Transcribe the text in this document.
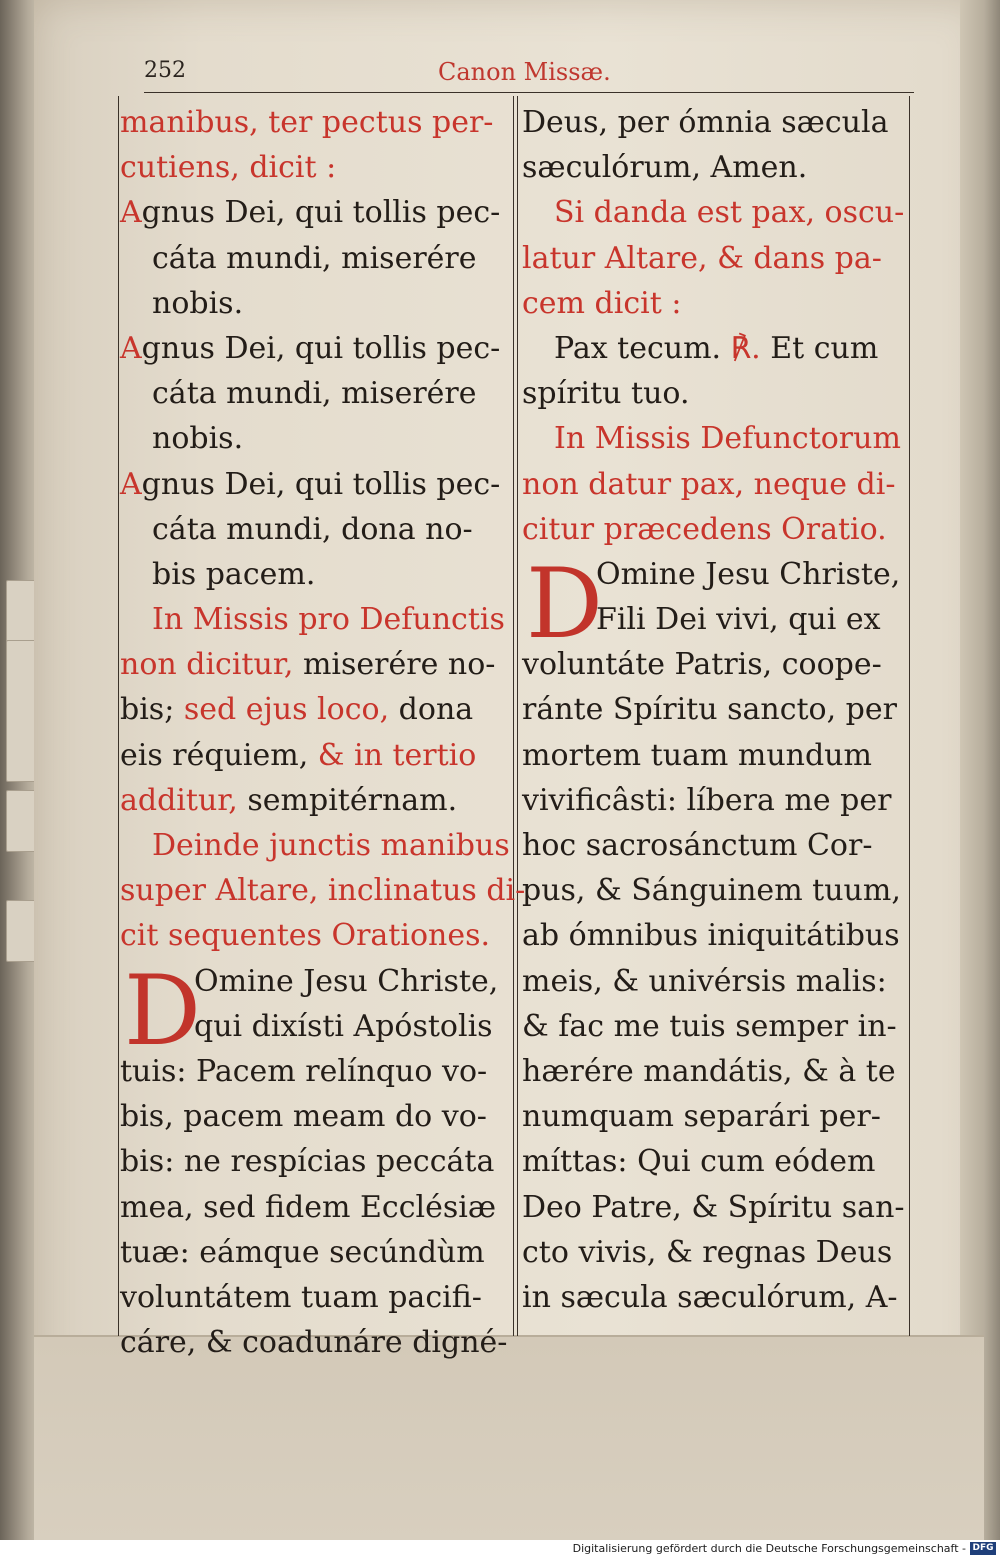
252	Canon Missæ.
manibus, ter pectus per-
cutiens, dicit :
Agnus Dei, qui tollis pec-
cáta mundi, miserére
nobis.
Agnus Dei, qui tollis pec-
cáta mundi, miserére
nobis.
Agnus Dei, qui tollis pec-
cáta mundi, dona no-
bis pacem.
In Missis pro Defunctis
non dicitur, miserére no-
bis; sed ejus loco, dona
eis réquiem, & in tertio
additur, sempitérnam.
Deinde junctis manibus
super Altare, inclinatus di-
cit sequentes Orationes.
D
Omine Jesu Christe,
qui dixísti Apóstolis
tuis: Pacem relínquo vo-
bis, pacem meam do vo-
bis: ne respícias peccáta
mea, sed fidem Ecclésiæ
tuæ: eámque secúndùm
voluntátem tuam pacifi-
cáre, & coadunáre digné-
Deus, per ómnia sæcula
sæculórum, Amen.
Si danda est pax, oscu-
latur Altare, & dans pa-
cem dicit :
Pax tecum. ℟. Et cum
spíritu tuo.
In Missis Defunctorum
non datur pax, neque di-
citur præcedens Oratio.
D
Omine Jesu Christe,
Fili Dei vivi, qui ex
voluntáte Patris, coope-
ránte Spíritu sancto, per
mortem tuam mundum
vivificâsti: líbera me per
hoc sacrosánctum Cor-
pus, & Sánguinem tuum,
ab ómnibus iniquitátibus
meis, & univérsis malis:
& fac me tuis semper in-
hærére mandátis, & à te
numquam separári per-
míttas: Qui cum eódem
Deo Patre, & Spíritu san-
cto vivis, & regnas Deus
in sæcula sæculórum, A-
Digitalisierung gefördert durch die Deutsche Forschungsgemeinschaft - DFG
